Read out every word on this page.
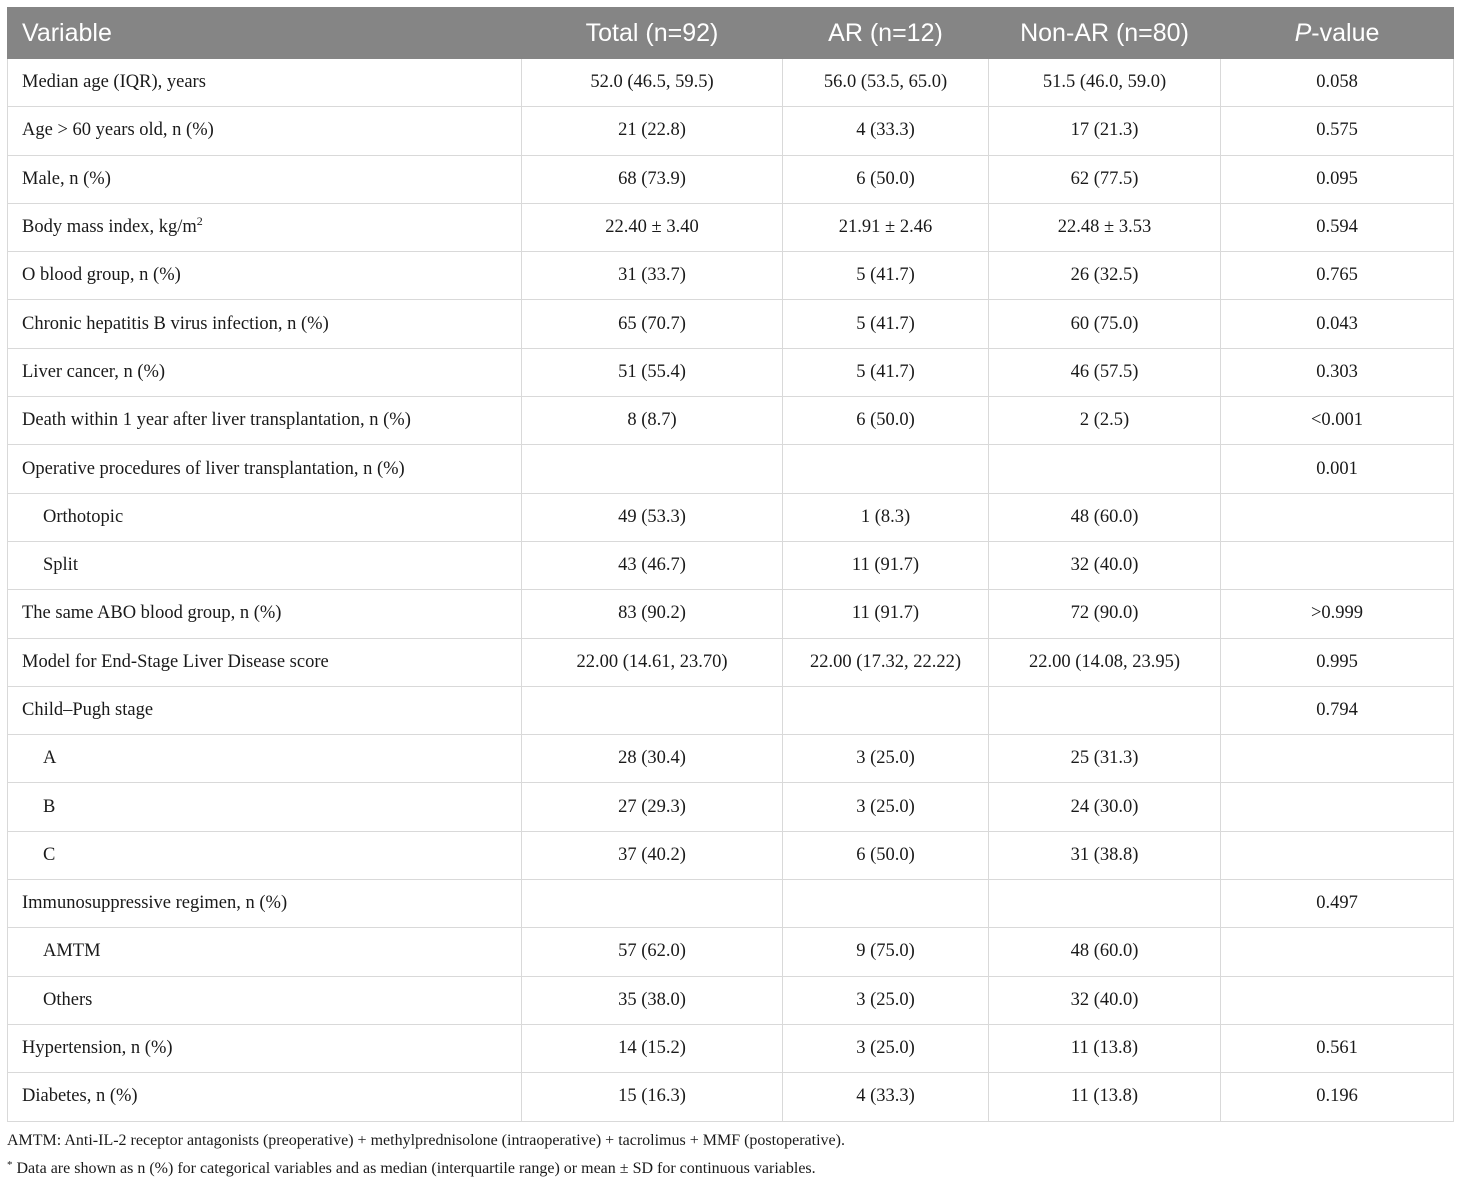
Variable	Total (n=92)	AR (n=12)	Non-AR (n=80)	P-value
Median age (IQR), years	52.0 (46.5, 59.5)	56.0 (53.5, 65.0)	51.5 (46.0, 59.0)	0.058
Age > 60 years old, n (%)	21 (22.8)	4 (33.3)	17 (21.3)	0.575
Male, n (%)	68 (73.9)	6 (50.0)	62 (77.5)	0.095
Body mass index, $kg/m^2$	22.40 ± 3.40	21.91 ± 2.46	22.48 ± 3.53	0.594
O blood group, n (%)	31 (33.7)	5 (41.7)	26 (32.5)	0.765
Chronic hepatitis B virus infection, n (%)	65 (70.7)	5 (41.7)	60 (75.0)	0.043
Liver cancer, n (%)	51 (55.4)	5 (41.7)	46 (57.5)	0.303
Death within 1 year after liver transplantation, n (%)	8 (8.7)	6 (50.0)	2 (2.5)	<0.001
Operative procedures of liver transplantation, n (%)				0.001
Orthotopic	49 (53.3)	1 (8.3)	48 (60.0)	
Split	43 (46.7)	11 (91.7)	32 (40.0)	
The same ABO blood group, n (%)	83 (90.2)	11 (91.7)	72 (90.0)	>0.999
Model for End-Stage Liver Disease score	22.00 (14.61, 23.70)	22.00 (17.32, 22.22)	22.00 (14.08, 23.95)	0.995
Child–Pugh stage				0.794
A	28 (30.4)	3 (25.0)	25 (31.3)	
B	27 (29.3)	3 (25.0)	24 (30.0)	
C	37 (40.2)	6 (50.0)	31 (38.8)	
Immunosuppressive regimen, n (%)				0.497
AMTM	57 (62.0)	9 (75.0)	48 (60.0)	
Others	35 (38.0)	3 (25.0)	32 (40.0)	
Hypertension, n (%)	14 (15.2)	3 (25.0)	11 (13.8)	0.561
Diabetes, n (%)	15 (16.3)	4 (33.3)	11 (13.8)	0.196
AMTM: Anti-IL-2 receptor antagonists (preoperative) + methylprednisolone (intraoperative) + tacrolimus + MMF (postoperative).
* Data are shown as n (%) for categorical variables and as median (interquartile range) or mean ± SD for continuous variables.
